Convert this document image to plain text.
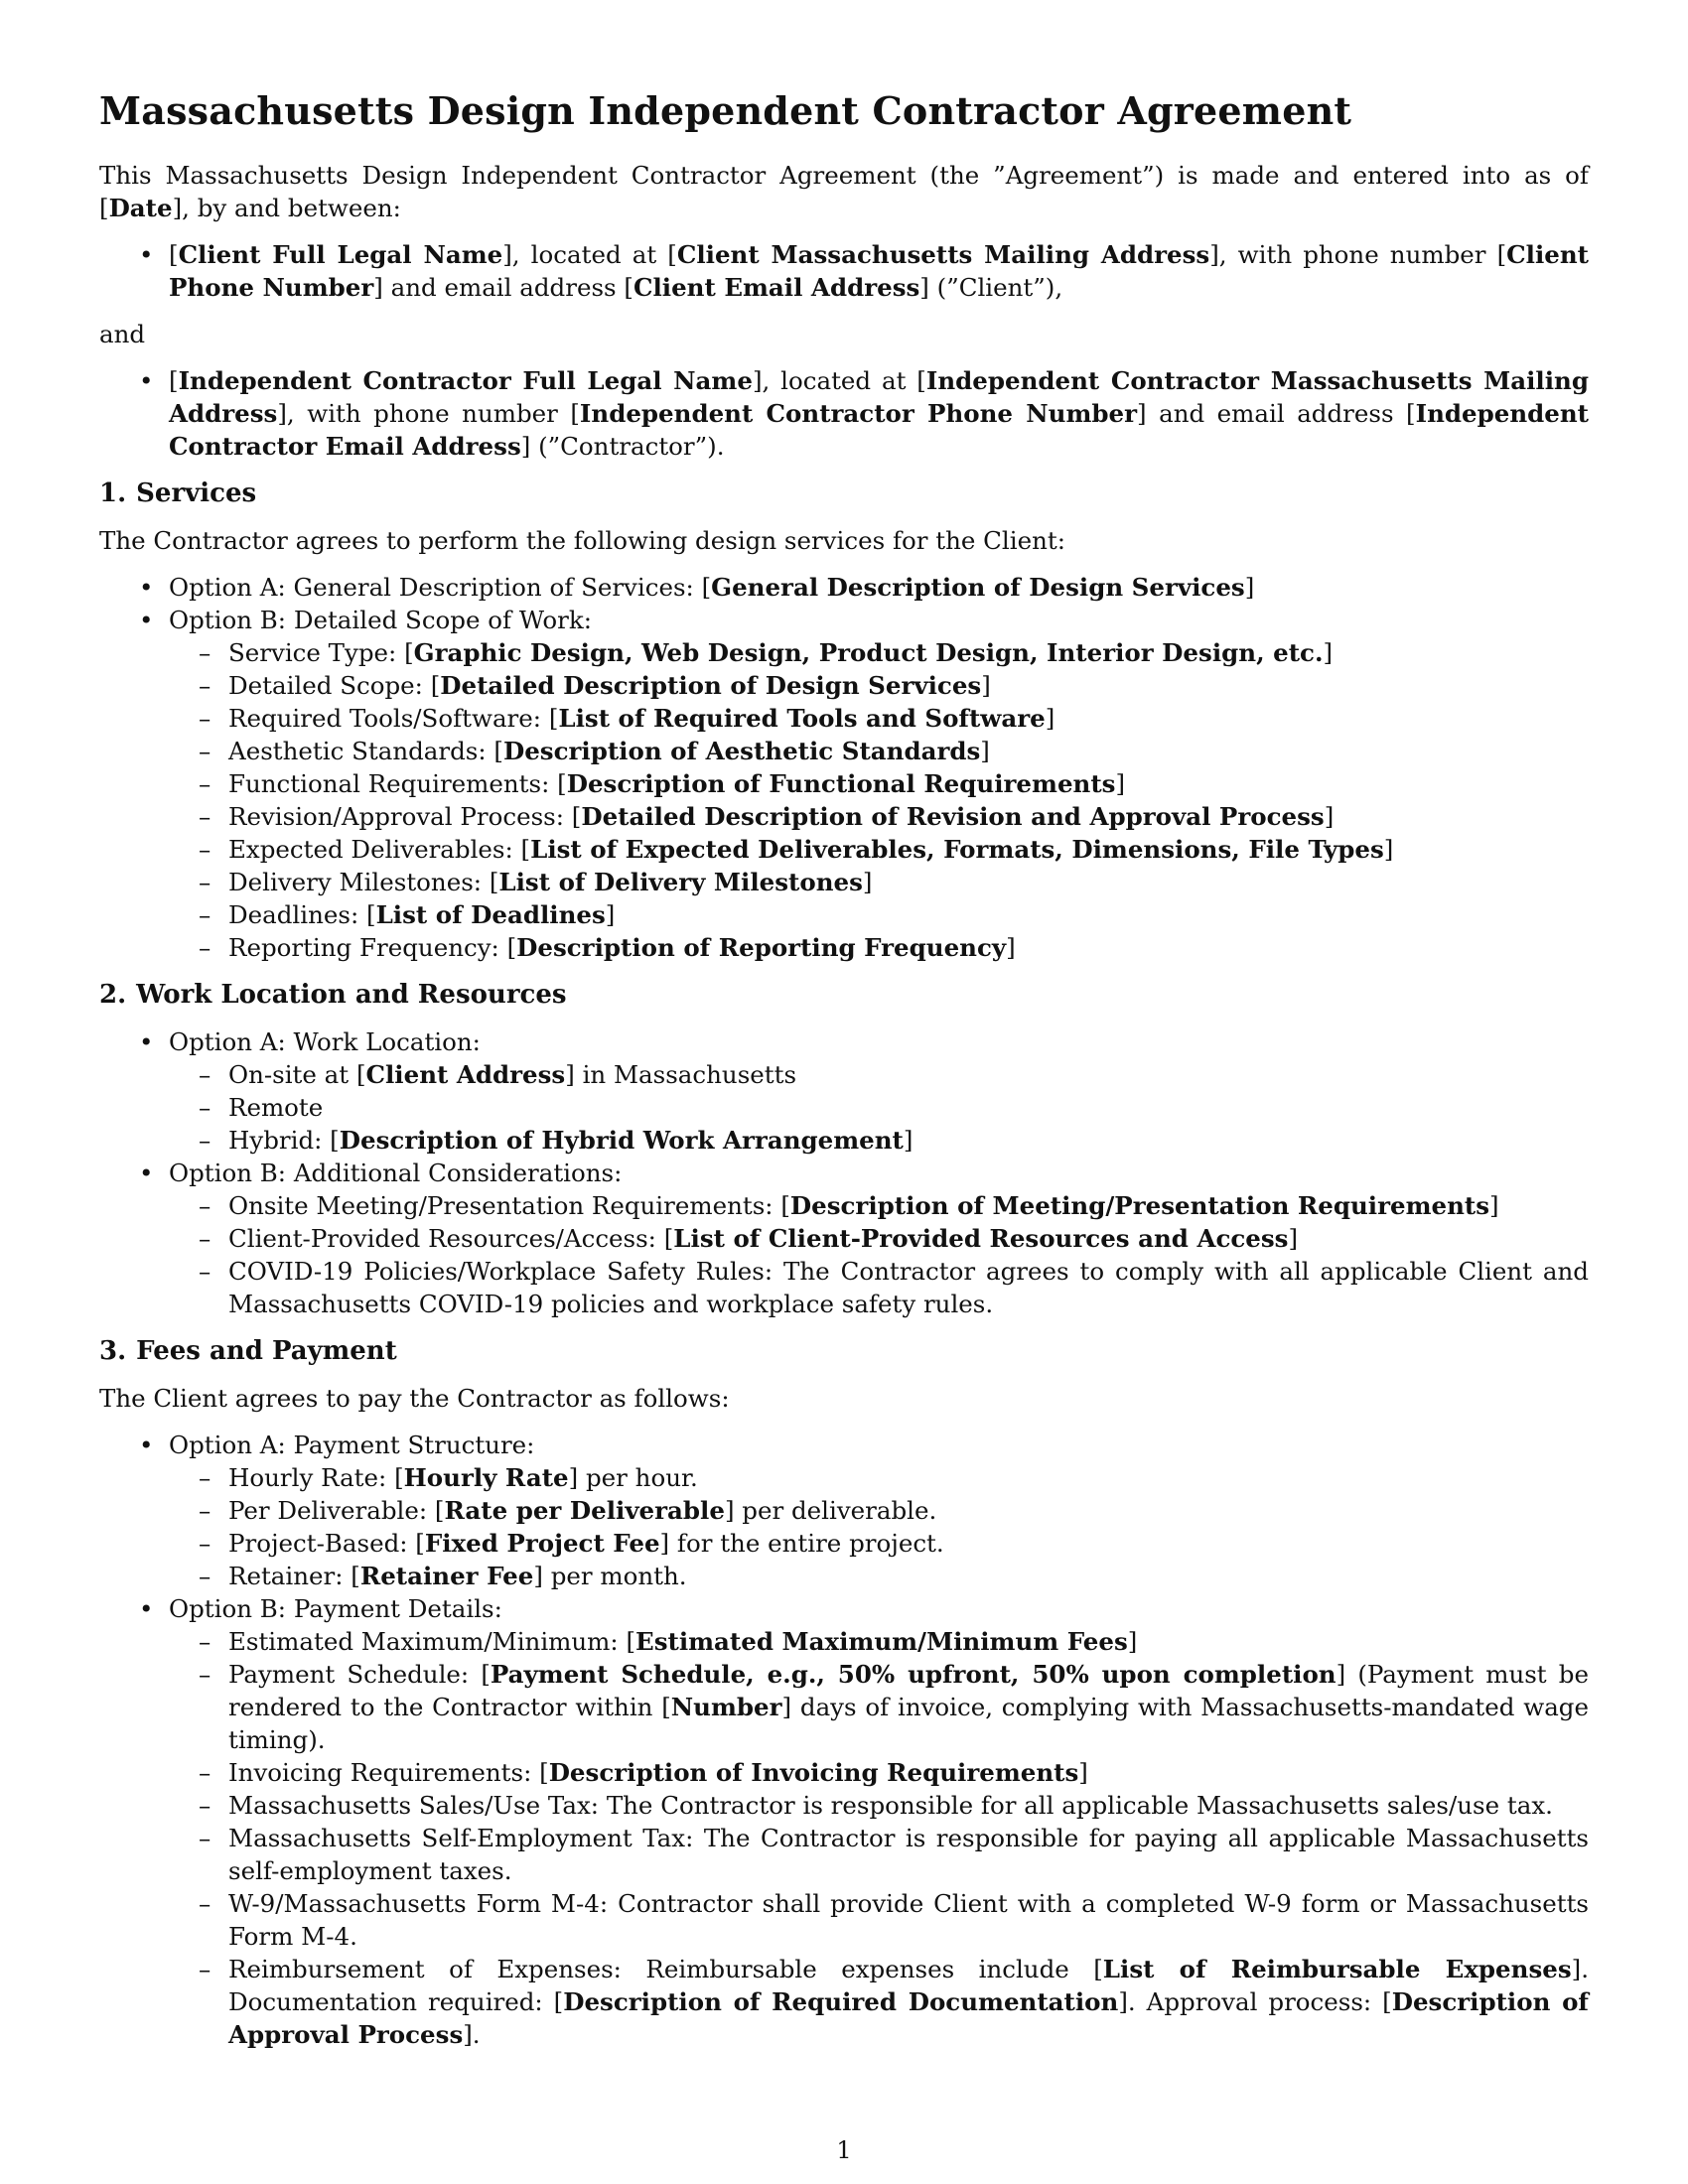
Massachusetts Design Independent Contractor Agreement

This Massachusetts Design Independent Contractor Agreement (the ”Agreement”) is made and entered into as of [Date], by and between:

• [Client Full Legal Name], located at [Client Massachusetts Mailing Address], with phone number [Client Phone Number] and email address [Client Email Address] (”Client”),

and

• [Independent Contractor Full Legal Name], located at [Independent Contractor Massachusetts Mailing Address], with phone number [Independent Contractor Phone Number] and email address [Independent Contractor Email Address] (”Contractor”).
1. Services

The Contractor agrees to perform the following design services for the Client:

• Option A: General Description of Services: [General Description of Design Services]
• Option B: Detailed Scope of Work:
– Service Type: [Graphic Design, Web Design, Product Design, Interior Design, etc.]
– Detailed Scope: [Detailed Description of Design Services]
– Required Tools/Software: [List of Required Tools and Software]
– Aesthetic Standards: [Description of Aesthetic Standards]
– Functional Requirements: [Description of Functional Requirements]
– Revision/Approval Process: [Detailed Description of Revision and Approval Process]
– Expected Deliverables: [List of Expected Deliverables, Formats, Dimensions, File Types]
– Delivery Milestones: [List of Delivery Milestones]
– Deadlines: [List of Deadlines]
– Reporting Frequency: [Description of Reporting Frequency]
2. Work Location and Resources
• Option A: Work Location:
– On-site at [Client Address] in Massachusetts
– Remote
– Hybrid: [Description of Hybrid Work Arrangement]
• Option B: Additional Considerations:
– Onsite Meeting/Presentation Requirements: [Description of Meeting/Presentation Requirements]
– Client-Provided Resources/Access: [List of Client-Provided Resources and Access]
– COVID-19 Policies/Workplace Safety Rules: The Contractor agrees to comply with all applicable Client and Massachusetts COVID-19 policies and workplace safety rules.
3. Fees and Payment

The Client agrees to pay the Contractor as follows:

• Option A: Payment Structure:
– Hourly Rate: [Hourly Rate] per hour.
– Per Deliverable: [Rate per Deliverable] per deliverable.
– Project-Based: [Fixed Project Fee] for the entire project.
– Retainer: [Retainer Fee] per month.
• Option B: Payment Details:
– Estimated Maximum/Minimum: [Estimated Maximum/Minimum Fees]
– Payment Schedule: [Payment Schedule, e.g., 50% upfront, 50% upon completion] (Payment must be rendered to the Contractor within [Number] days of invoice, complying with Massachusetts-mandated wage timing).
– Invoicing Requirements: [Description of Invoicing Requirements]
– Massachusetts Sales/Use Tax: The Contractor is responsible for all applicable Massachusetts sales/use tax.
– Massachusetts Self-Employment Tax: The Contractor is responsible for paying all applicable Massachusetts self-employment taxes.
– W-9/Massachusetts Form M-4: Contractor shall provide Client with a completed W-9 form or Massachusetts Form M-4.
– Reimbursement of Expenses: Reimbursable expenses include [List of Reimbursable Expenses]. Documentation required: [Description of Required Documentation]. Approval process: [Description of Approval Process].
1
